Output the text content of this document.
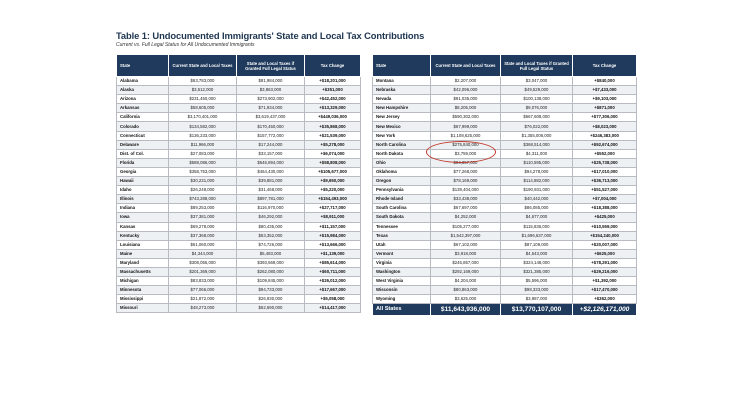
Table 1: Undocumented Immigrants' State and Local Tax Contributions
Current vs. Full Legal Status for All Undocumented Immigrants
State	Current State and Local Taxes	State and Local Taxes if Granted Full Legal Status	Tax Change
Alabama	$63,783,000	$81,984,000	+$18,201,000
Alaska	$3,512,000	$3,863,000	+$351,000
Arizona	$231,450,000	$273,902,000	+$42,452,000
Arkansas	$58,605,000	$71,934,000	+$13,329,000
California	$3,170,401,000	$3,619,437,000	+$449,036,000
Colorado	$134,582,000	$170,450,000	+$35,868,000
Connecticut	$136,233,000	$157,772,000	+$21,539,000
Delaware	$11,966,000	$17,244,000	+$5,278,000
Dist. of Col.	$27,083,000	$33,157,000	+$6,074,000
Florida	$588,086,000	$646,894,000	+$58,808,000
Georgia	$358,753,000	$464,430,000	+$105,677,000
Hawaii	$30,231,000	$39,881,000	+$9,650,000
Idaho	$26,248,000	$31,468,000	+$5,220,000
Illinois	$743,288,000	$897,781,000	+$154,493,000
Indiana	$89,253,000	$116,970,000	+$27,717,000
Iowa	$37,381,000	$46,292,000	+$8,911,000
Kansas	$69,278,000	$80,435,000	+$11,157,000
Kentucky	$37,368,000	$53,352,000	+$15,984,000
Louisiana	$61,060,000	$74,726,000	+$13,666,000
Maine	$4,344,000	$5,483,000	+$1,139,000
Maryland	$308,055,000	$393,669,000	+$85,614,000
Massachusetts	$201,369,000	$262,080,000	+$60,711,000
Michigan	$83,833,000	$109,845,000	+$26,012,000
Minnesota	$77,066,000	$94,733,000	+$17,667,000
Mississippi	$21,872,000	$26,930,000	+$5,058,000
Missouri	$48,273,000	$62,690,000	+$14,417,000
State	Current State and Local Taxes	State and Local Taxes if Granted Full Legal Status	Tax Change
Montana	$2,207,000	$3,047,000	+$840,000
Nebraska	$42,096,000	$49,529,000	+$7,433,000
Nevada	$91,035,000	$100,138,000	+$9,103,000
New Hampshire	$8,205,000	$9,076,000	+$871,000
New Jersey	$590,302,000	$667,608,000	+$77,306,000
New Mexico	$67,999,000	$76,022,000	+$8,023,000
New York	$1,108,625,000	$1,355,008,000	+$246,383,000
North Carolina	$275,840,000	$368,514,000	+$92,674,000
North Dakota	$3,759,000	$4,311,000	+$552,000
Ohio	$84,857,000	$110,595,000	+$25,738,000
Oklahoma	$77,268,000	$94,278,000	+$17,010,000
Oregon	$78,169,000	$114,882,000	+$36,713,000
Pennsylvania	$139,404,000	$190,931,000	+$51,527,000
Rhode Island	$33,438,000	$40,442,000	+$7,004,000
South Carolina	$67,697,000	$86,085,000	+$18,388,000
South Dakota	$4,252,000	$4,677,000	+$425,000
Tennessee	$105,277,000	$115,836,000	+$10,559,000
Texas	$1,542,397,000	$1,696,637,000	+$154,240,000
Utah	$67,102,000	$87,109,000	+$20,007,000
Vermont	$3,918,000	$4,543,000	+$625,000
Virginia	$245,857,000	$324,148,000	+$78,291,000
Washington	$292,169,000	$321,385,000	+$29,216,000
West Virginia	$4,204,000	$5,596,000	+$1,392,000
Wisconsin	$80,863,000	$98,333,000	+$17,470,000
Wyoming	$3,625,000	$3,987,000	+$362,000
All States	$11,643,936,000	$13,770,107,000	+$2,126,171,000
